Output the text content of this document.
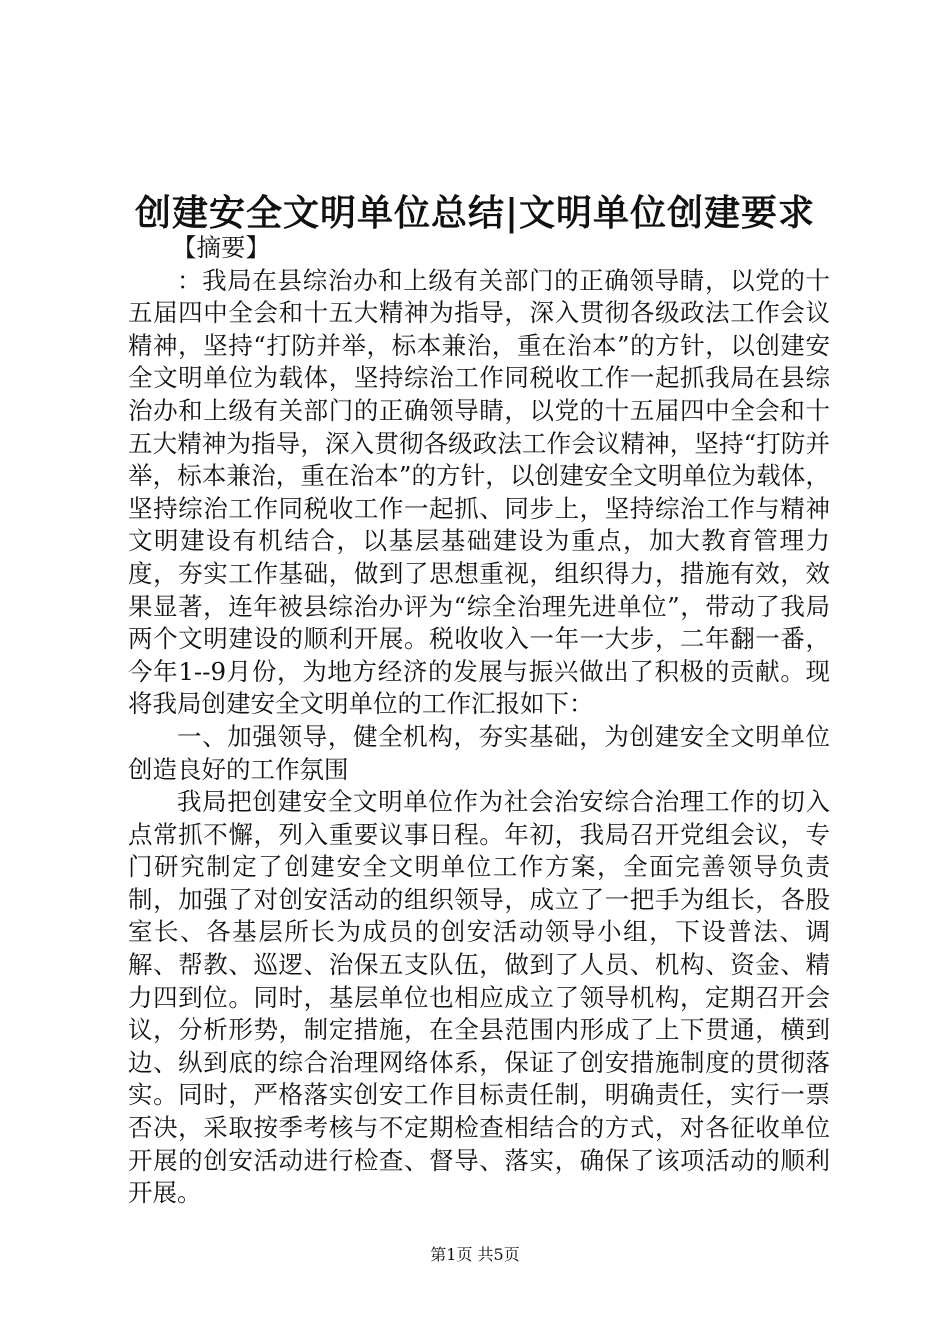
创建安全文明单位总结|文明单位创建要求

【摘要】

：我局在县综治办和上级有关部门的正确领导睛，以党的十五届四中全会和十五大精神为指导，深入贯彻各级政法工作会议精神，坚持“打防并举，标本兼治，重在治本”的方针，以创建安全文明单位为载体，坚持综治工作同税收工作一起抓我局在县综治办和上级有关部门的正确领导睛，以党的十五届四中全会和十五大精神为指导，深入贯彻各级政法工作会议精神，坚持“打防并举，标本兼治，重在治本”的方针，以创建安全文明单位为载体，坚持综治工作同税收工作一起抓、同步上，坚持综治工作与精神文明建设有机结合，以基层基础建设为重点，加大教育管理力度，夯实工作基础，做到了思想重视，组织得力，措施有效，效果显著，连年被县综治办评为“综全治理先进单位”，带动了我局两个文明建设的顺利开展。税收收入一年一大步，二年翻一番，今年1--9月份，为地方经济的发展与振兴做出了积极的贡献。现将我局创建安全文明单位的工作汇报如下：

一、加强领导，健全机构，夯实基础，为创建安全文明单位创造良好的工作氛围

我局把创建安全文明单位作为社会治安综合治理工作的切入点常抓不懈，列入重要议事日程。年初，我局召开党组会议，专门研究制定了创建安全文明单位工作方案，全面完善领导负责制，加强了对创安活动的组织领导，成立了一把手为组长，各股室长、各基层所长为成员的创安活动领导小组，下设普法、调解、帮教、巡逻、治保五支队伍，做到了人员、机构、资金、精力四到位。同时，基层单位也相应成立了领导机构，定期召开会议，分析形势，制定措施，在全县范围内形成了上下贯通，横到边、纵到底的综合治理网络体系，保证了创安措施制度的贯彻落实。同时，严格落实创安工作目标责任制，明确责任，实行一票否决，采取按季考核与不定期检查相结合的方式，对各征收单位开展的创安活动进行检查、督导、落实，确保了该项活动的顺利开展。

第1页 共5页
